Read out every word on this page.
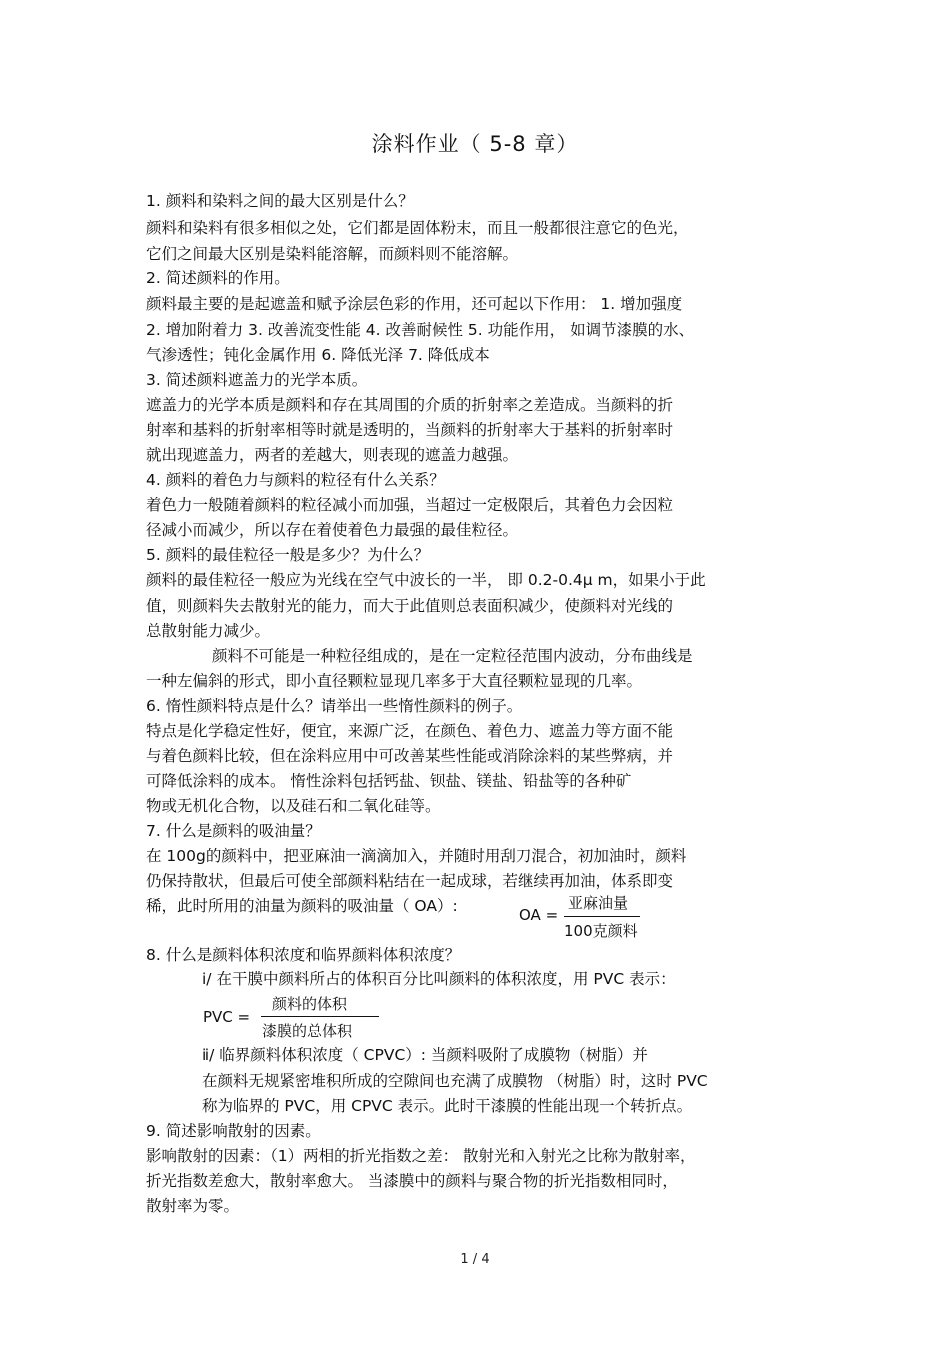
涂料作业（ 5-8 章）
1. 颜料和染料之间的最大区别是什么？
颜料和染料有很多相似之处，它们都是固体粉末，而且一般都很注意它的色光，
它们之间最大区别是染料能溶解，而颜料则不能溶解。
2. 简述颜料的作用。
颜料最主要的是起遮盖和赋予涂层色彩的作用，还可起以下作用： 1. 增加强度
2. 增加附着力 3. 改善流变性能 4. 改善耐候性 5. 功能作用， 如调节漆膜的水、
气渗透性；钝化金属作用 6. 降低光泽 7. 降低成本
3. 简述颜料遮盖力的光学本质。
遮盖力的光学本质是颜料和存在其周围的介质的折射率之差造成。当颜料的折
射率和基料的折射率相等时就是透明的，当颜料的折射率大于基料的折射率时
就出现遮盖力，两者的差越大，则表现的遮盖力越强。
4. 颜料的着色力与颜料的粒径有什么关系？
着色力一般随着颜料的粒径减小而加强，当超过一定极限后，其着色力会因粒
径减小而减少，所以存在着使着色力最强的最佳粒径。
5. 颜料的最佳粒径一般是多少？为什么？
颜料的最佳粒径一般应为光线在空气中波长的一半， 即 0.2-0.4μ m，如果小于此
值，则颜料失去散射光的能力，而大于此值则总表面积减少，使颜料对光线的
总散射能力减少。
颜料不可能是一种粒径组成的，是在一定粒径范围内波动，分布曲线是
一种左偏斜的形式，即小直径颗粒显现几率多于大直径颗粒显现的几率。
6. 惰性颜料特点是什么？请举出一些惰性颜料的例子。
特点是化学稳定性好，便宜，来源广泛，在颜色、着色力、遮盖力等方面不能
与着色颜料比较，但在涂料应用中可改善某些性能或消除涂料的某些弊病，并
可降低涂料的成本。 惰性涂料包括钙盐、钡盐、镁盐、铅盐等的各种矿
物或无机化合物，以及硅石和二氧化硅等。
7. 什么是颜料的吸油量？
在 100g的颜料中，把亚麻油一滴滴加入，并随时用刮刀混合，初加油时，颜料
仍保持散状，但最后可使全部颜料粘结在一起成球，若继续再加油，体系即变
稀，此时所用的油量为颜料的吸油量（ OA）:	OA =
亚麻油量
100克颜料
8. 什么是颜料体积浓度和临界颜料体积浓度？
ⅰ/ 在干膜中颜料所占的体积百分比叫颜料的体积浓度，用 PVC 表示：
PVC =
颜料的体积
漆膜的总体积
ⅱ/ 临界颜料体积浓度（ CPVC）: 当颜料吸附了成膜物（树脂）并
在颜料无规紧密堆积所成的空隙间也充满了成膜物 （树脂）时，这时 PVC
称为临界的 PVC，用 CPVC 表示。此时干漆膜的性能出现一个转折点。
9. 简述影响散射的因素。
影响散射的因素：（1）两相的折光指数之差： 散射光和入射光之比称为散射率，
折光指数差愈大，散射率愈大。 当漆膜中的颜料与聚合物的折光指数相同时，
散射率为零。
1 / 4
